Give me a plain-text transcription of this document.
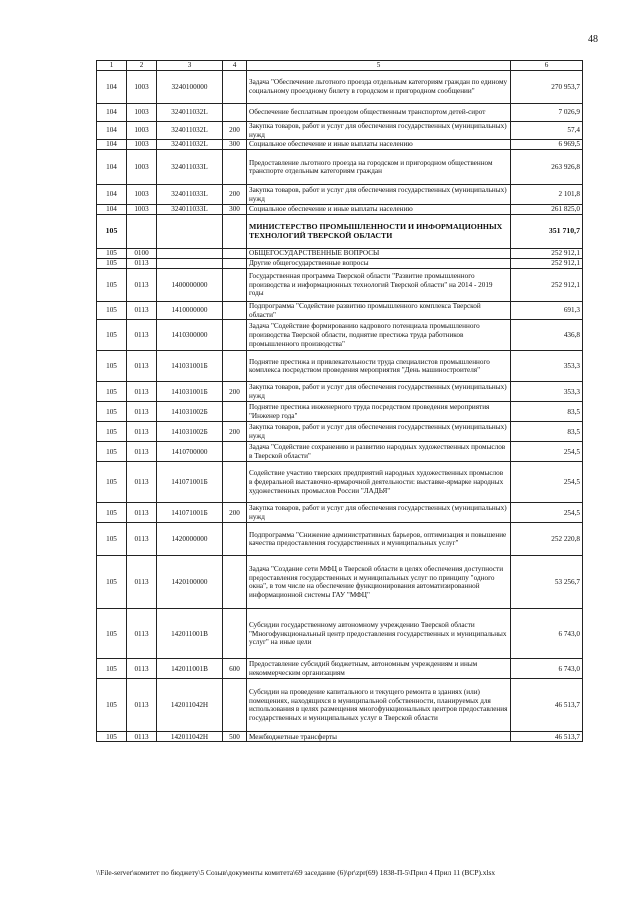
48
1	2	3	4	5	6
104	1003	3240100000		Задача "Обеспечение льготного проезда отдельным категориям граждан по единому социальному проездному билету в городском и пригородном сообщении"	270 953,7
104	1003	324011032L		Обеспечение бесплатным проездом общественным транспортом детей-сирот	7 026,9
104	1003	324011032L	200	Закупка товаров, работ и услуг для обеспечения государственных (муниципальных) нужд	57,4
104	1003	324011032L	300	Социальное обеспечение и иные выплаты населению	6 969,5
104	1003	324011033L		Предоставление льготного проезда на городском и пригородном общественном транспорте отдельным категориям граждан	263 926,8
104	1003	324011033L	200	Закупка товаров, работ и услуг для обеспечения государственных (муниципальных) нужд	2 101,8
104	1003	324011033L	300	Социальное обеспечение и иные выплаты населению	261 825,0
105				МИНИСТЕРСТВО ПРОМЫШЛЕННОСТИ И ИНФОРМАЦИОННЫХ ТЕХНОЛОГИЙ ТВЕРСКОЙ ОБЛАСТИ	351 710,7
105	0100			ОБЩЕГОСУДАРСТВЕННЫЕ ВОПРОСЫ	252 912,1
105	0113			Другие общегосударственные вопросы	252 912,1
105	0113	1400000000		Государственная программа Тверской области "Развитие промышленного производства и информационных технологий Тверской области" на 2014 - 2019 годы	252 912,1
105	0113	1410000000		Подпрограмма "Содействие развитию промышленного комплекса Тверской области"	691,3
105	0113	1410300000		Задача "Содействие формированию кадрового потенциала промышленного производства Тверской области, поднятие престижа труда работников промышленного производства"	436,8
105	0113	141031001Б		Поднятие престижа и привлекательности труда специалистов промышленного комплекса посредством проведения мероприятия "День машиностроителя"	353,3
105	0113	141031001Б	200	Закупка товаров, работ и услуг для обеспечения государственных (муниципальных) нужд	353,3
105	0113	141031002Б		Поднятие престижа инженерного труда посредством проведения мероприятия "Инженер года"	83,5
105	0113	141031002Б	200	Закупка товаров, работ и услуг для обеспечения государственных (муниципальных) нужд	83,5
105	0113	1410700000		Задача "Содействие сохранению и развитию народных художественных промыслов в Тверской области"	254,5
105	0113	141071001Б		Содействие участию тверских предприятий народных художественных промыслов в федеральной выставочно-ярмарочной деятельности: выставке-ярмарке народных художественных промыслов России "ЛАДЬЯ"	254,5
105	0113	141071001Б	200	Закупка товаров, работ и услуг для обеспечения государственных (муниципальных) нужд	254,5
105	0113	1420000000		Подпрограмма "Снижение административных барьеров, оптимизация и повышение качества предоставления государственных и муниципальных услуг"	252 220,8
105	0113	1420100000		Задача "Создание сети МФЦ в Тверской области в целях обеспечения доступности предоставления государственных и муниципальных услуг по принципу "одного окна", в том числе на обеспечение функционирования автоматизированной информационной системы ГАУ "МФЦ"	53 256,7
105	0113	142011001В		Субсидии государственному автономному учреждению Тверской области "Многофункциональный центр предоставления государственных и муниципальных услуг" на иные цели	6 743,0
105	0113	142011001В	600	Предоставление субсидий бюджетным, автономным учреждениям и иным некоммерческим организациям	6 743,0
105	0113	142011042Н		Субсидии на проведение капитального и текущего ремонта в зданиях (или) помещениях, находящихся в муниципальной собственности, планируемых для использования в целях размещения многофункциональных центров предоставления государственных и муниципальных услуг в Тверской области	46 513,7
105	0113	142011042Н	500	Межбюджетные трансферты	46 513,7
\\File-server\комитет по бюджету\5 Созыв\документы комитета\69 заседание (6)\pr\zpr(69) 1838-П-5\Прил 4 Прил 11 (ВСР).xlsx
